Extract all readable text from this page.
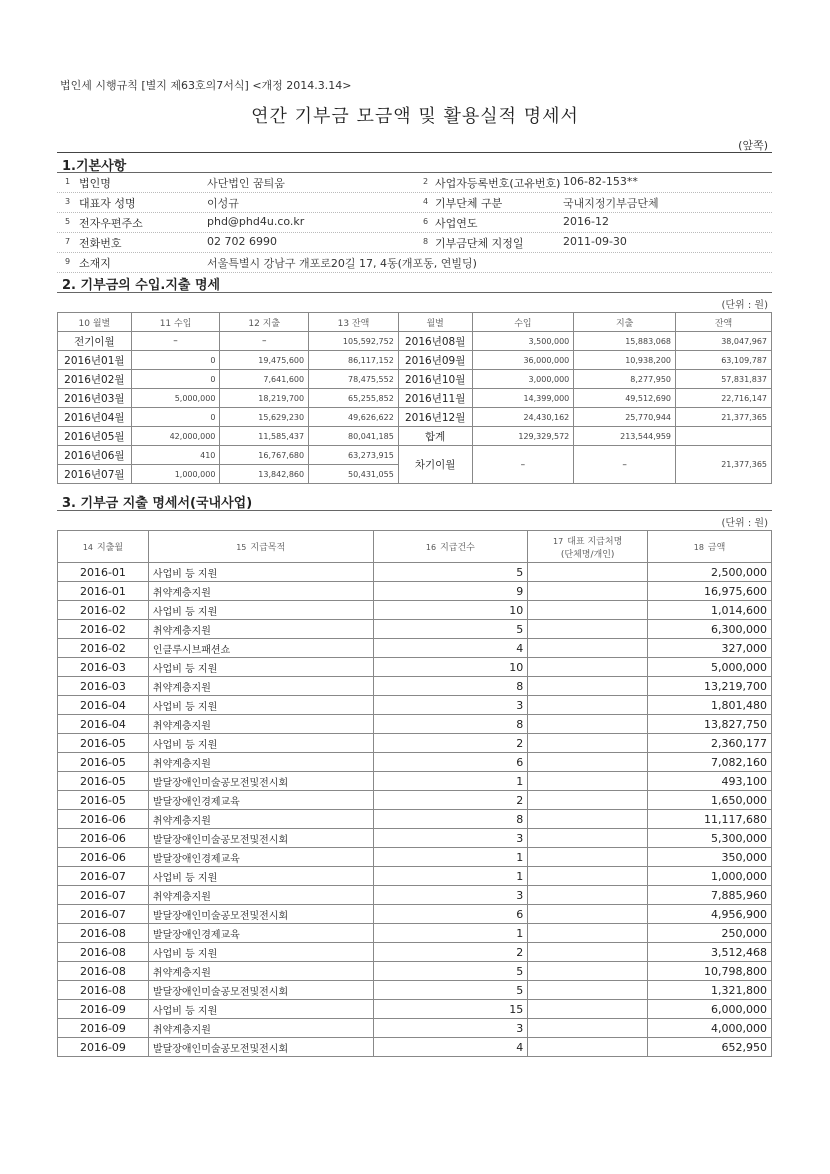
법인세 시행규칙 [별지 제63호의7서식] <개정 2014.3.14>
연간 기부금 모금액 및 활용실적 명세서
(앞쪽)
1.기본사항
1 법인명	사단법인 꿈틔움	2 사업자등록번호(고유번호) 106-82-153**
3 대표자 성명	이성규	4 기부단체 구분	국내지정기부금단체
5 전자우편주소	phd@phd4u.co.kr	6 사업연도	2016-12
7 전화번호	02 702 6990	8 기부금단체 지정일	2011-09-30
9 소재지	서울특별시 강남구 개포로20길 17, 4동(개포동, 연빌딩)
2. 기부금의 수입.지출 명세
(단위 : 원)
10 월별	11 수입	12 지출	13 잔액	월별	수입	지출	잔액
전기이월	–	–	105,592,752	2016년08월	3,500,000	15,883,068	38,047,967
2016년01월	0	19,475,600	86,117,152	2016년09월	36,000,000	10,938,200	63,109,787
2016년02월	0	7,641,600	78,475,552	2016년10월	3,000,000	8,277,950	57,831,837
2016년03월	5,000,000	18,219,700	65,255,852	2016년11월	14,399,000	49,512,690	22,716,147
2016년04월	0	15,629,230	49,626,622	2016년12월	24,430,162	25,770,944	21,377,365
2016년05월	42,000,000	11,585,437	80,041,185	합계	129,329,572	213,544,959	
2016년06월	410	16,767,680	63,273,915	차기이월	–	–	21,377,365
2016년07월	1,000,000	13,842,860	50,431,055				
3. 기부금 지출 명세서(국내사업)
(단위 : 원)
14 지출월	15 지급목적	16 지급건수	17 대표 지급처명
(단체명/개인)	18 금액
2016-01	사업비 등 지원	5		2,500,000
2016-01	취약계층지원	9		16,975,600
2016-02	사업비 등 지원	10		1,014,600
2016-02	취약계층지원	5		6,300,000
2016-02	인클루시브패션쇼	4		327,000
2016-03	사업비 등 지원	10		5,000,000
2016-03	취약계층지원	8		13,219,700
2016-04	사업비 등 지원	3		1,801,480
2016-04	취약계층지원	8		13,827,750
2016-05	사업비 등 지원	2		2,360,177
2016-05	취약계층지원	6		7,082,160
2016-05	발달장애인미술공모전및전시회	1		493,100
2016-05	발달장애인경제교육	2		1,650,000
2016-06	취약계층지원	8		11,117,680
2016-06	발달장애인미술공모전및전시회	3		5,300,000
2016-06	발달장애인경제교육	1		350,000
2016-07	사업비 등 지원	1		1,000,000
2016-07	취약계층지원	3		7,885,960
2016-07	발달장애인미술공모전및전시회	6		4,956,900
2016-08	발달장애인경제교육	1		250,000
2016-08	사업비 등 지원	2		3,512,468
2016-08	취약계층지원	5		10,798,800
2016-08	발달장애인미술공모전및전시회	5		1,321,800
2016-09	사업비 등 지원	15		6,000,000
2016-09	취약계층지원	3		4,000,000
2016-09	발달장애인미술공모전및전시회	4		652,950
